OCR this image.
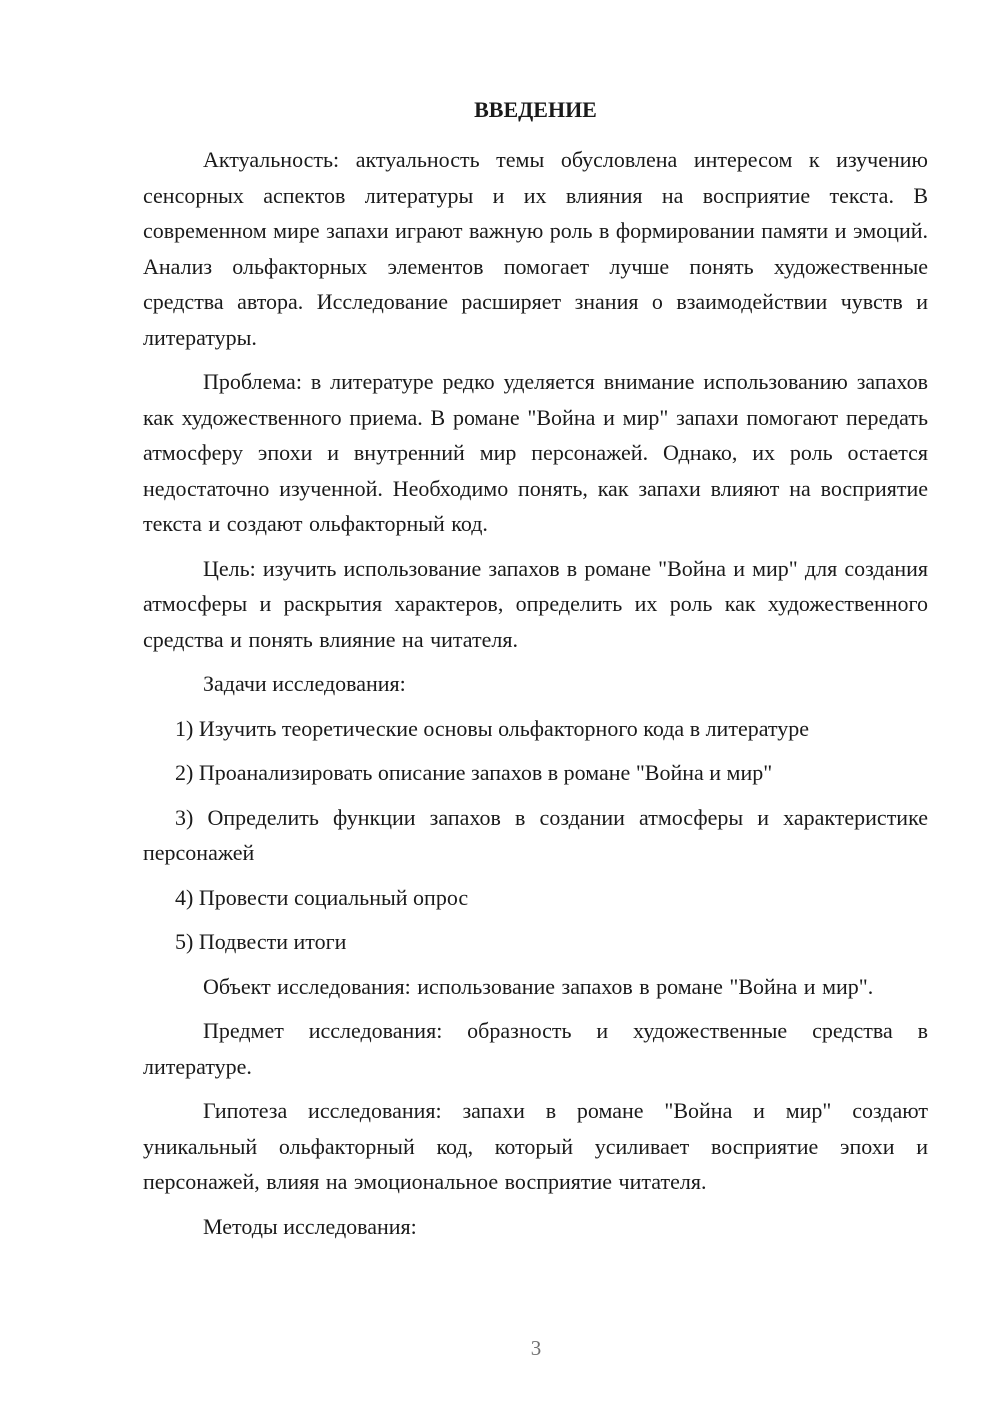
ВВЕДЕНИЕ
Актуальность: актуальность темы обусловлена интересом к изучению сенсорных аспектов литературы и их влияния на восприятие текста. В современном мире запахи играют важную роль в формировании памяти и эмоций. Анализ ольфакторных элементов помогает лучше понять художественные средства автора. Исследование расширяет знания о взаимодействии чувств и литературы.
Проблема: в литературе редко уделяется внимание использованию запахов как художественного приема. В романе "Война и мир" запахи помогают передать атмосферу эпохи и внутренний мир персонажей. Однако, их роль остается недостаточно изученной. Необходимо понять, как запахи влияют на восприятие текста и создают ольфакторный код.
Цель: изучить использование запахов в романе "Война и мир" для создания атмосферы и раскрытия характеров, определить их роль как художественного средства и понять влияние на читателя.
Задачи исследования:
1) Изучить теоретические основы ольфакторного кода в литературе
2) Проанализировать описание запахов в романе "Война и мир"
3) Определить функции запахов в создании атмосферы и характеристике персонажей
4) Провести социальный опрос
5) Подвести итоги
Объект исследования: использование запахов в романе "Война и мир".
Предмет исследования: образность и художественные средства в литературе.
Гипотеза исследования: запахи в романе "Война и мир" создают уникальный ольфакторный код, который усиливает восприятие эпохи и персонажей, влияя на эмоциональное восприятие читателя.
Методы исследования:
3
